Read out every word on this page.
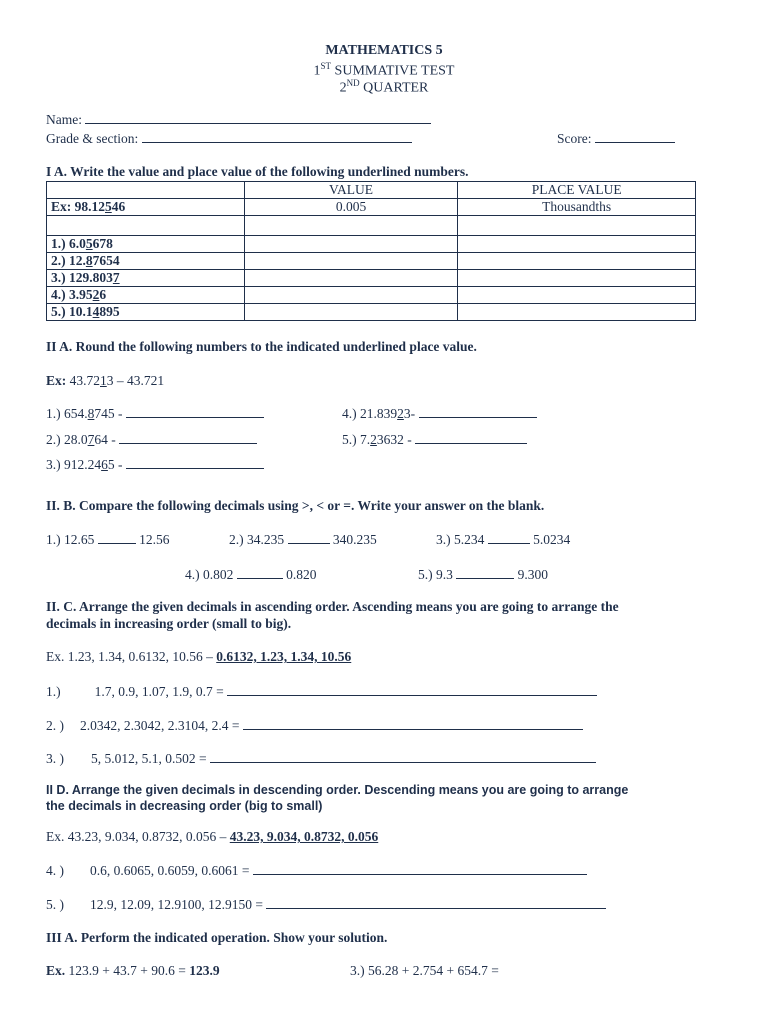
MATHEMATICS 5
1ST SUMMATIVE TEST
2ND QUARTER
Name:
Grade & section:	Score:
I A. Write the value and place value of the following underlined numbers.
	VALUE	PLACE VALUE
Ex: 98.12546	0.005	Thousandths

1.) 6.05678		
2.) 12.87654		
3.) 129.8037		
4.) 3.9526		
5.) 10.14895		
II A. Round the following numbers to the indicated underlined place value.
Ex: 43.7213 – 43.721
1.) 654.8745 -
2.) 28.0764 -
3.) 912.2465 -
4.) 21.83923-
5.) 7.23632 -
II. B. Compare the following decimals using >, < or =. Write your answer on the blank.
1.) 12.65	12.56	2.) 34.235	340.235	3.) 5.234	5.0234
4.) 0.802	0.820	5.) 9.3	9.300
II. C. Arrange the given decimals in ascending order. Ascending means you are going to arrange the
decimals in increasing order (small to big).
Ex. 1.23, 1.34, 0.6132, 10.56 – 0.6132, 1.23, 1.34, 10.56
1.)	1.7, 0.9, 1.07, 1.9, 0.7 =
2. ) 2.0342, 2.3042, 2.3104, 2.4 =
3. ) 5, 5.012, 5.1, 0.502 =
II D. Arrange the given decimals in descending order. Descending means you are going to arrange
the decimals in decreasing order (big to small)
Ex. 43.23, 9.034, 0.8732, 0.056 – 43.23, 9.034, 0.8732, 0.056
4. ) 0.6, 0.6065, 0.6059, 0.6061 =
5. ) 12.9, 12.09, 12.9100, 12.9150 =
III A. Perform the indicated operation. Show your solution.
Ex. 123.9 + 43.7 + 90.6 = 123.9	3.) 56.28 + 2.754 + 654.7 =
